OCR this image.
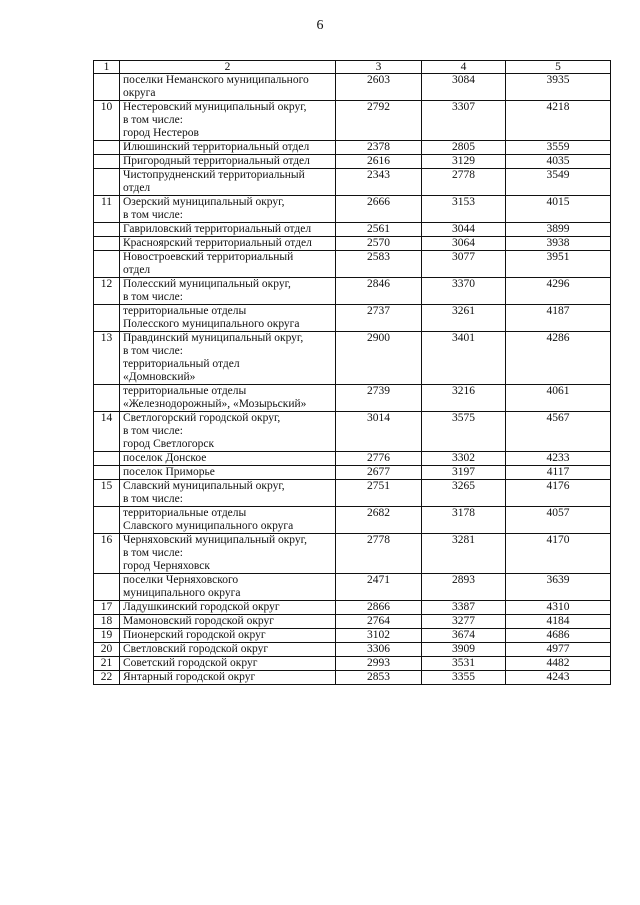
6
1	2	3	4	5

	поселки Неманского муниципального
округа	2603	3084	3935
10	Нестеровский муниципальный округ,
в том числе:
город Нестеров	2792	3307	4218

	Илюшинский территориальный отдел	2378	2805	3559

	Пригородный территориальный отдел	2616	3129	4035

	Чистопрудненский территориальный
отдел	2343	2778	3549
11	Озерский муниципальный округ,
в том числе:	2666	3153	4015

	Гавриловский территориальный отдел	2561	3044	3899

	Красноярский территориальный отдел	2570	3064	3938

	Новостроевский территориальный
отдел	2583	3077	3951
12	Полесский муниципальный округ,
в том числе:	2846	3370	4296

	территориальные отделы
Полесского муниципального округа	2737	3261	4187
13	Правдинский муниципальный округ,
в том числе:
территориальный отдел
«Домновский»	2900	3401	4286

	территориальные отделы
«Железнодорожный», «Мозырьский»	2739	3216	4061
14	Светлогорский городской округ,
в том числе:
город Светлогорск	3014	3575	4567

	поселок Донское	2776	3302	4233

	поселок Приморье	2677	3197	4117
15	Славский муниципальный округ,
в том числе:	2751	3265	4176

	территориальные отделы
Славского муниципального округа	2682	3178	4057
16	Черняховский муниципальный округ,
в том числе:
город Черняховск	2778	3281	4170

	поселки Черняховского
муниципального округа	2471	2893	3639
17	Ладушкинский городской округ	2866	3387	4310
18	Мамоновский городской округ	2764	3277	4184
19	Пионерский городской округ	3102	3674	4686
20	Светловский городской округ	3306	3909	4977
21	Советский городской округ	2993	3531	4482
22	Янтарный городской округ	2853	3355	4243
